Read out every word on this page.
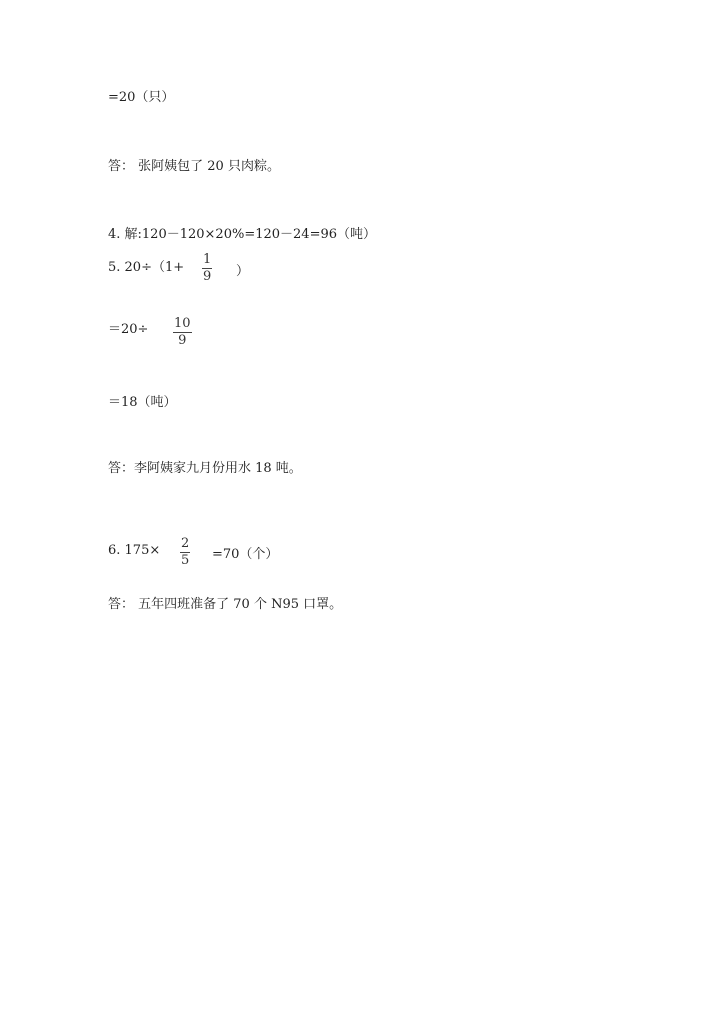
=20（只）
答： 张阿姨包了 20 只肉粽。
4. 解:120－120×20%=120－24=96（吨）
5. 20÷（1+
1
9 ）
＝20÷ 10
9
＝18（吨）
答：李阿姨家九月份用水 18 吨。
6. 175× 2
5 =70（个）
答： 五年四班准备了 70 个 N95 口罩。
